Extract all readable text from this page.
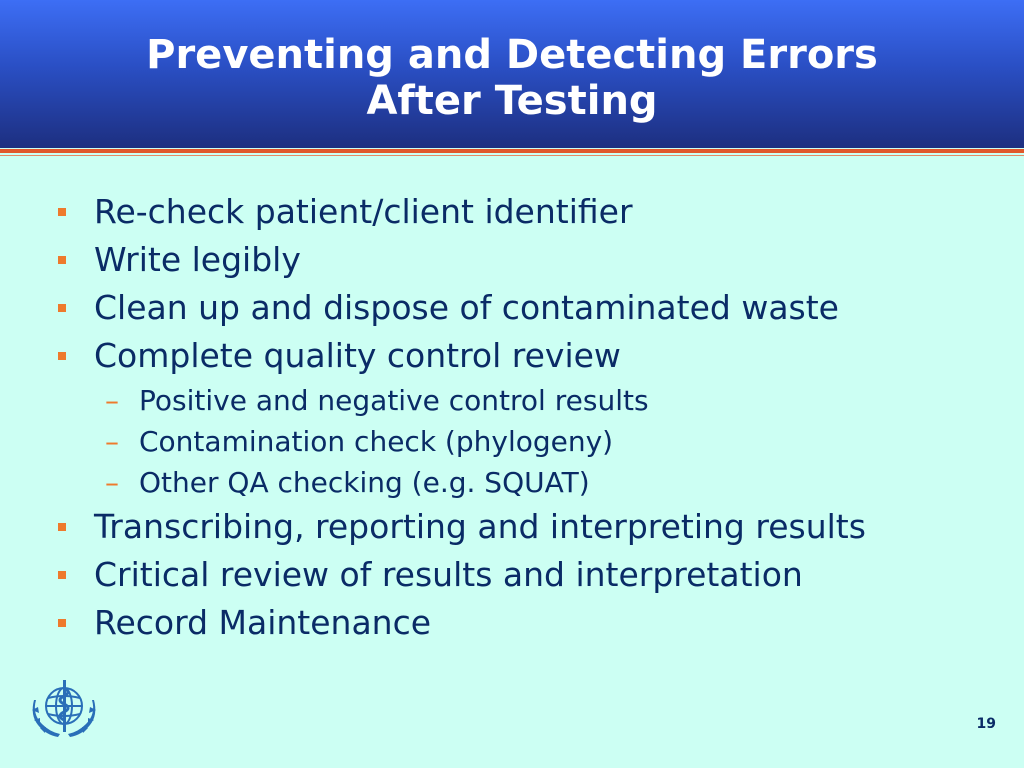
Preventing and Detecting Errors
After Testing
Re-check patient/client identifier
Write legibly
Clean up and dispose of contaminated waste
Complete quality control review
– Positive and negative control results
– Contamination check (phylogeny)
– Other QA checking (e.g. SQUAT)
Transcribing, reporting and interpreting results
Critical review of results and interpretation
Record Maintenance
19
